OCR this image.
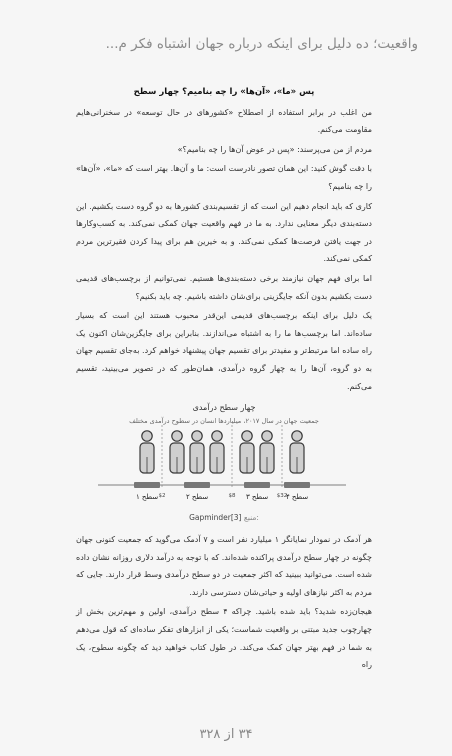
واقعیت؛ ده دلیل برای اینکه درباره جهان اشتباه فکر م...
پس «ما»، «آن‌ها» را چه بنامیم؟ چهار سطح

من اغلب در برابر استفاده از اصطلاح «کشورهای در حال توسعه» در سخنرانی‌هایم مقاومت می‌کنم.

مردم از من می‌پرسند: «پس در عوض آن‌ها را چه بنامیم؟»

با دقت گوش کنید: این همان تصور نادرست است: ما و آن‌ها. بهتر است که «ما»، «آن‌ها» را چه بنامیم؟

کاری که باید انجام دهیم این است که از تقسیم‌بندی کشورها به دو گروه دست بکشیم. این دسته‌بندی دیگر معنایی ندارد. به ما در فهم واقعیت جهان کمکی نمی‌کند. به کسب‌وکارها در جهت یافتن فرصت‌ها کمکی نمی‌کند. و به خیرین هم برای پیدا کردن فقیرترین مردم کمکی نمی‌کند.

اما برای فهم جهان نیازمند برخی دسته‌بندی‌ها هستیم. نمی‌توانیم از برچسب‌های قدیمی دست بکشیم بدون آنکه جایگزینی برای‌شان داشته باشیم. چه باید بکنیم؟

یک دلیل برای اینکه برچسب‌های قدیمی این‌قدر محبوب هستند این است که بسیار ساده‌اند. اما برچسب‌ها ما را به اشتباه می‌اندازند. بنابراین برای جایگزین‌شان اکنون یک راه ساده اما مرتبط‌تر و مفیدتر برای تقسیم جهان پیشنهاد خواهم کرد. به‌جای تقسیم جهان به دو گروه، آن‌ها را به چهار گروه درآمدی، همان‌طور که در تصویر می‌بینید، تقسیم می‌کنم.

چهار سطح درآمدی
جمعیت جهان در سال ۲۰۱۷، میلیاردها انسان در سطوح درآمدی مختلف
$2	$8	$32
سطح ۱	سطح ۲	سطح ۳	سطح ۴
Gapminder[3] منبع:

هر آدمک در نمودار نمایانگر ۱ میلیارد نفر است و ۷ آدمک می‌گوید که جمعیت کنونی جهان چگونه در چهار سطح درآمدی پراکنده شده‌اند. که با توجه به درآمد دلاری روزانه نشان داده شده است. می‌توانید ببینید که اکثر جمعیت در دو سطح درآمدی وسط قرار دارند. جایی که مردم به اکثر نیازهای اولیه و حیاتی‌شان دسترسی دارند.

هیجان‌زده شدید؟ باید شده باشید. چراکه ۴ سطح درآمدی، اولین و مهم‌ترین بخش از چهارچوب جدید مبتنی بر واقعیت شماست؛ یکی از ابزارهای تفکر ساده‌ای که قول می‌دهم به شما در فهم بهتر جهان کمک می‌کند. در طول کتاب خواهید دید که چگونه سطوح، یک راه

۳۴ از ۳۲۸
